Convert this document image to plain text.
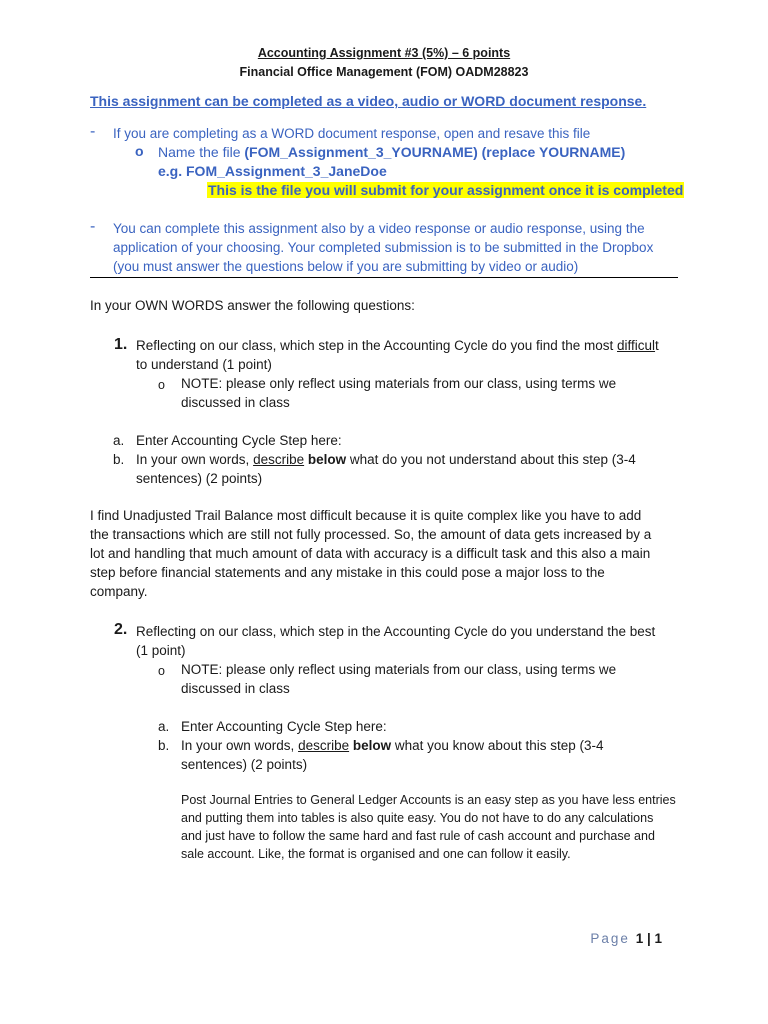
Accounting Assignment #3 (5%) – 6 points
Financial Office Management (FOM) OADM28823
This assignment can be completed as a video, audio or WORD document response.
- If you are completing as a WORD document response, open and resave this file
o Name the file (FOM_Assignment_3_YOURNAME) (replace YOURNAME)
e.g. FOM_Assignment_3_JaneDoe
This is the file you will submit for your assignment once it is completed
- You can complete this assignment also by a video response or audio response, using the
application of your choosing. Your completed submission is to be submitted in the Dropbox
(you must answer the questions below if you are submitting by video or audio)
In your OWN WORDS answer the following questions:
1. Reflecting on our class, which step in the Accounting Cycle do you find the most difficult
to understand (1 point)
o NOTE: please only reflect using materials from our class, using terms we
discussed in class
a. Enter Accounting Cycle Step here:
b. In your own words, describe below what do you not understand about this step (3-4
sentences) (2 points)
I find Unadjusted Trail Balance most difficult because it is quite complex like you have to add
the transactions which are still not fully processed. So, the amount of data gets increased by a
lot and handling that much amount of data with accuracy is a difficult task and this also a main
step before financial statements and any mistake in this could pose a major loss to the
company.
2. Reflecting on our class, which step in the Accounting Cycle do you understand the best
(1 point)
o NOTE: please only reflect using materials from our class, using terms we
discussed in class
a. Enter Accounting Cycle Step here:
b. In your own words, describe below what you know about this step (3-4
sentences) (2 points)
Post Journal Entries to General Ledger Accounts is an easy step as you have less entries
and putting them into tables is also quite easy. You do not have to do any calculations
and just have to follow the same hard and fast rule of cash account and purchase and
sale account. Like, the format is organised and one can follow it easily.
Page 1 | 1
